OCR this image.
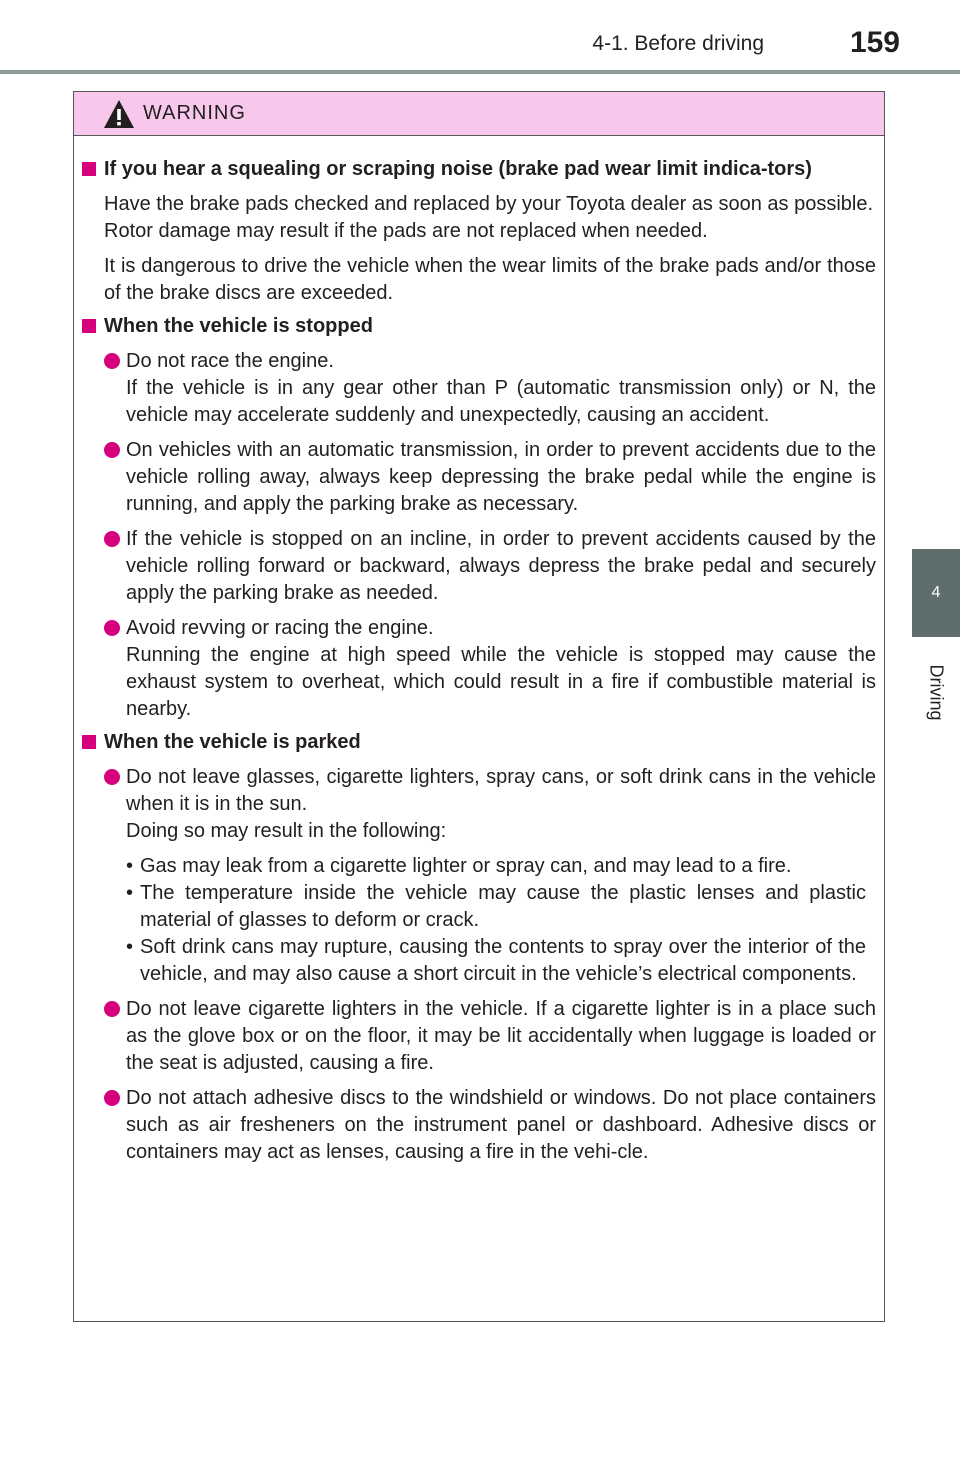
4-1. Before driving	159
4
Driving
WARNING
If you hear a squealing or scraping noise (brake pad wear limit indica-tors)
Have the brake pads checked and replaced by your Toyota dealer as soon as possible.
Rotor damage may result if the pads are not replaced when needed.
It is dangerous to drive the vehicle when the wear limits of the brake pads and/or those of the brake discs are exceeded.
When the vehicle is stopped
Do not race the engine.
If the vehicle is in any gear other than P (automatic transmission only) or N, the vehicle may accelerate suddenly and unexpectedly, causing an accident.
On vehicles with an automatic transmission, in order to prevent accidents due to the vehicle rolling away, always keep depressing the brake pedal while the engine is running, and apply the parking brake as necessary.
If the vehicle is stopped on an incline, in order to prevent accidents caused by the vehicle rolling forward or backward, always depress the brake pedal and securely apply the parking brake as needed.
Avoid revving or racing the engine.
Running the engine at high speed while the vehicle is stopped may cause the exhaust system to overheat, which could result in a fire if combustible material is nearby.
When the vehicle is parked
Do not leave glasses, cigarette lighters, spray cans, or soft drink cans in the vehicle when it is in the sun.
Doing so may result in the following:
• Gas may leak from a cigarette lighter or spray can, and may lead to a fire.
• The temperature inside the vehicle may cause the plastic lenses and plastic material of glasses to deform or crack.
• Soft drink cans may rupture, causing the contents to spray over the interior of the vehicle, and may also cause a short circuit in the vehicle’s electrical components.
Do not leave cigarette lighters in the vehicle. If a cigarette lighter is in a place such as the glove box or on the floor, it may be lit accidentally when luggage is loaded or the seat is adjusted, causing a fire.
Do not attach adhesive discs to the windshield or windows. Do not place containers such as air fresheners on the instrument panel or dashboard. Adhesive discs or containers may act as lenses, causing a fire in the vehi-cle.
